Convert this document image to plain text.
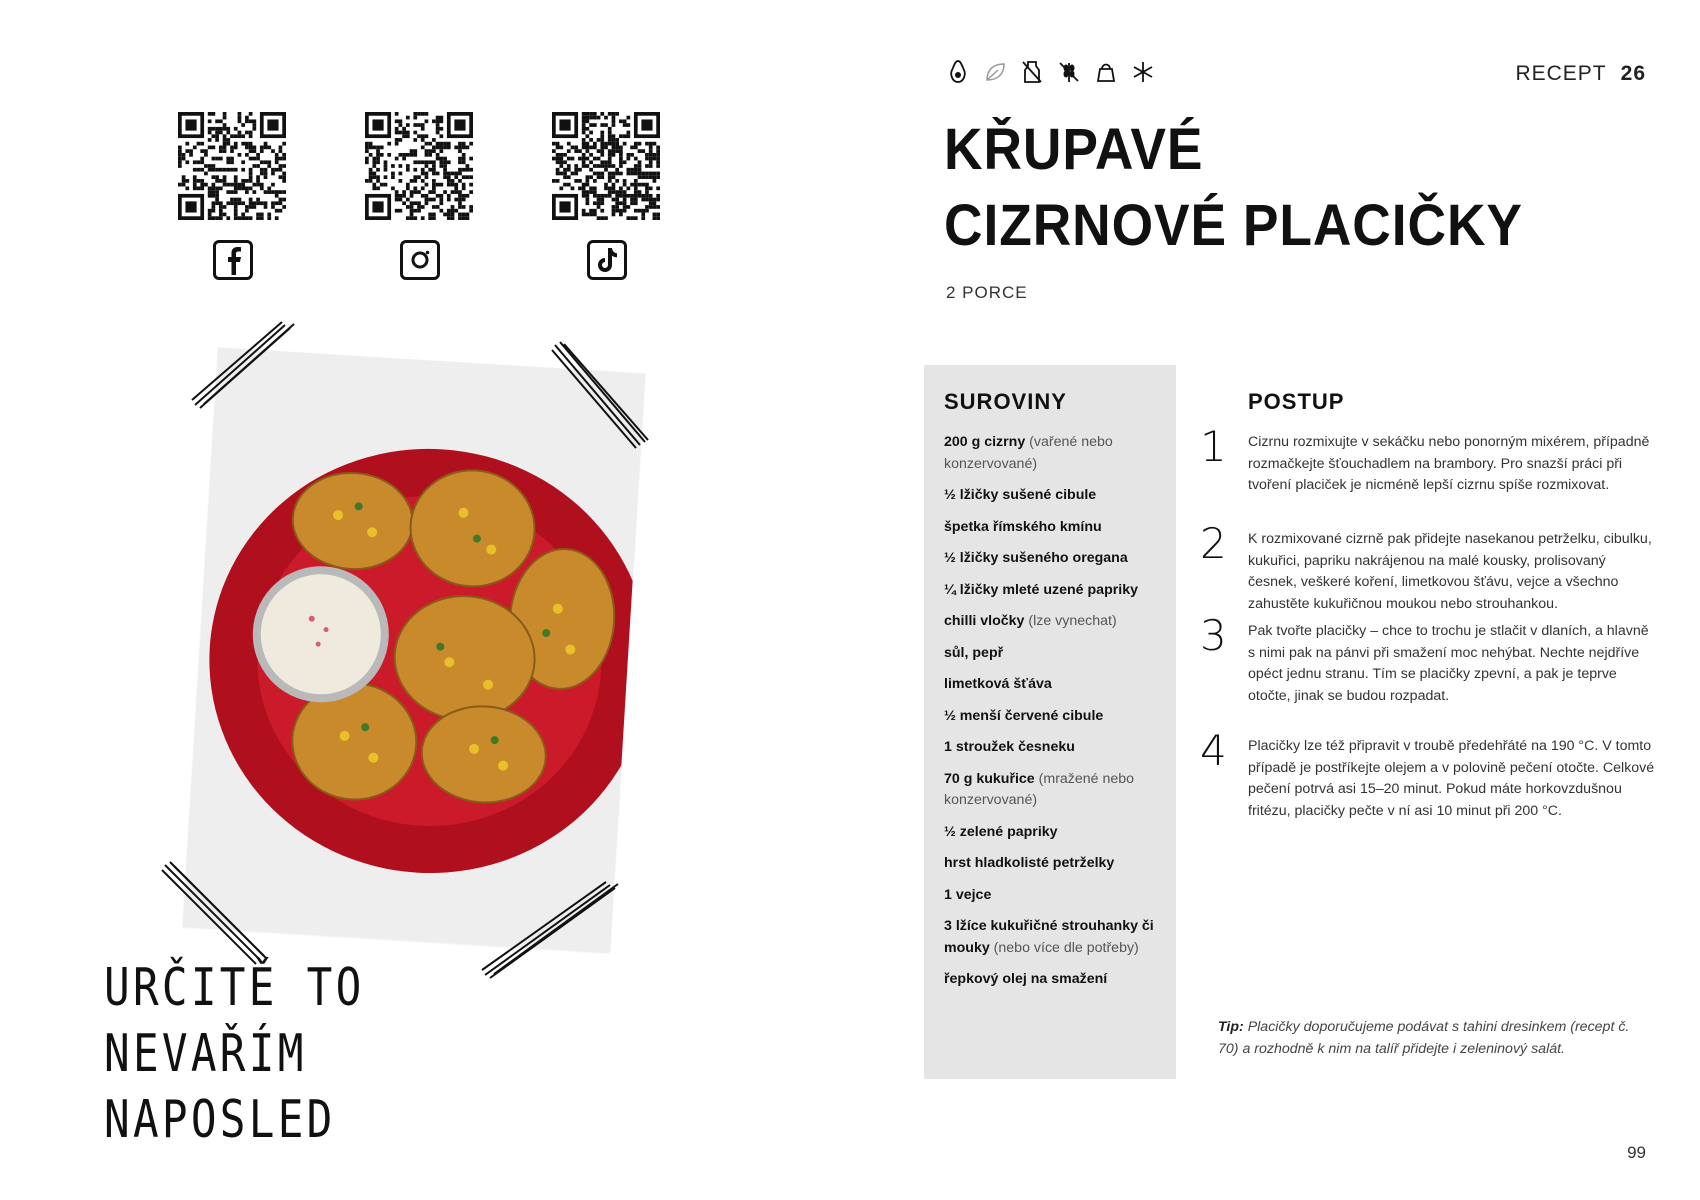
URČITĚ TO
NEVAŘÍM
NAPOSLED
RECEPT 26
KŘUPAVÉ
CIZRNOVÉ PLACIČKY
2 PORCE
SUROVINY
200 g cizrny (vařené nebo konzervované)
½ lžičky sušené cibule
špetka římského kmínu
½ lžičky sušeného oregana
¼ lžičky mleté uzené papriky
chilli vločky (lze vynechat)
sůl, pepř
limetková šťáva
½ menší červené cibule
1 stroužek česneku
70 g kukuřice (mražené nebo konzervované)
½ zelené papriky
hrst hladkolisté petrželky
1 vejce
3 lžíce kukuřičné strouhanky či mouky (nebo více dle potřeby)
řepkový olej na smažení
POSTUP
1 Cizrnu rozmixujte v sekáčku nebo ponorným mixérem, případně rozmačkejte šťouchadlem na brambory. Pro snazší práci při tvoření placiček je nicméně lepší cizrnu spíše rozmixovat.
2 K rozmixované cizrně pak přidejte nasekanou petrželku, cibulku, kukuřici, papriku nakrájenou na malé kousky, prolisovaný česnek, veškeré koření, limetkovou šťávu, vejce a všechno zahustěte kukuřičnou moukou nebo strouhankou.
3 Pak tvořte placičky – chce to trochu je stlačit v dlaních, a hlavně s nimi pak na pánvi při smažení moc nehýbat. Nechte nejdříve opéct jednu stranu. Tím se placičky zpevní, a pak je teprve otočte, jinak se budou rozpadat.
4 Placičky lze též připravit v troubě předehřáté na 190 °C. V tomto případě je postříkejte olejem a v polovině pečení otočte. Celkové pečení potrvá asi 15–20 minut. Pokud máte horkovzdušnou fritézu, placičky pečte v ní asi 10 minut při 200 °C.
Tip: Placičky doporučujeme podávat s tahini dresinkem (recept č. 70) a rozhodně k nim na talíř přidejte i zeleninový salát.
99
